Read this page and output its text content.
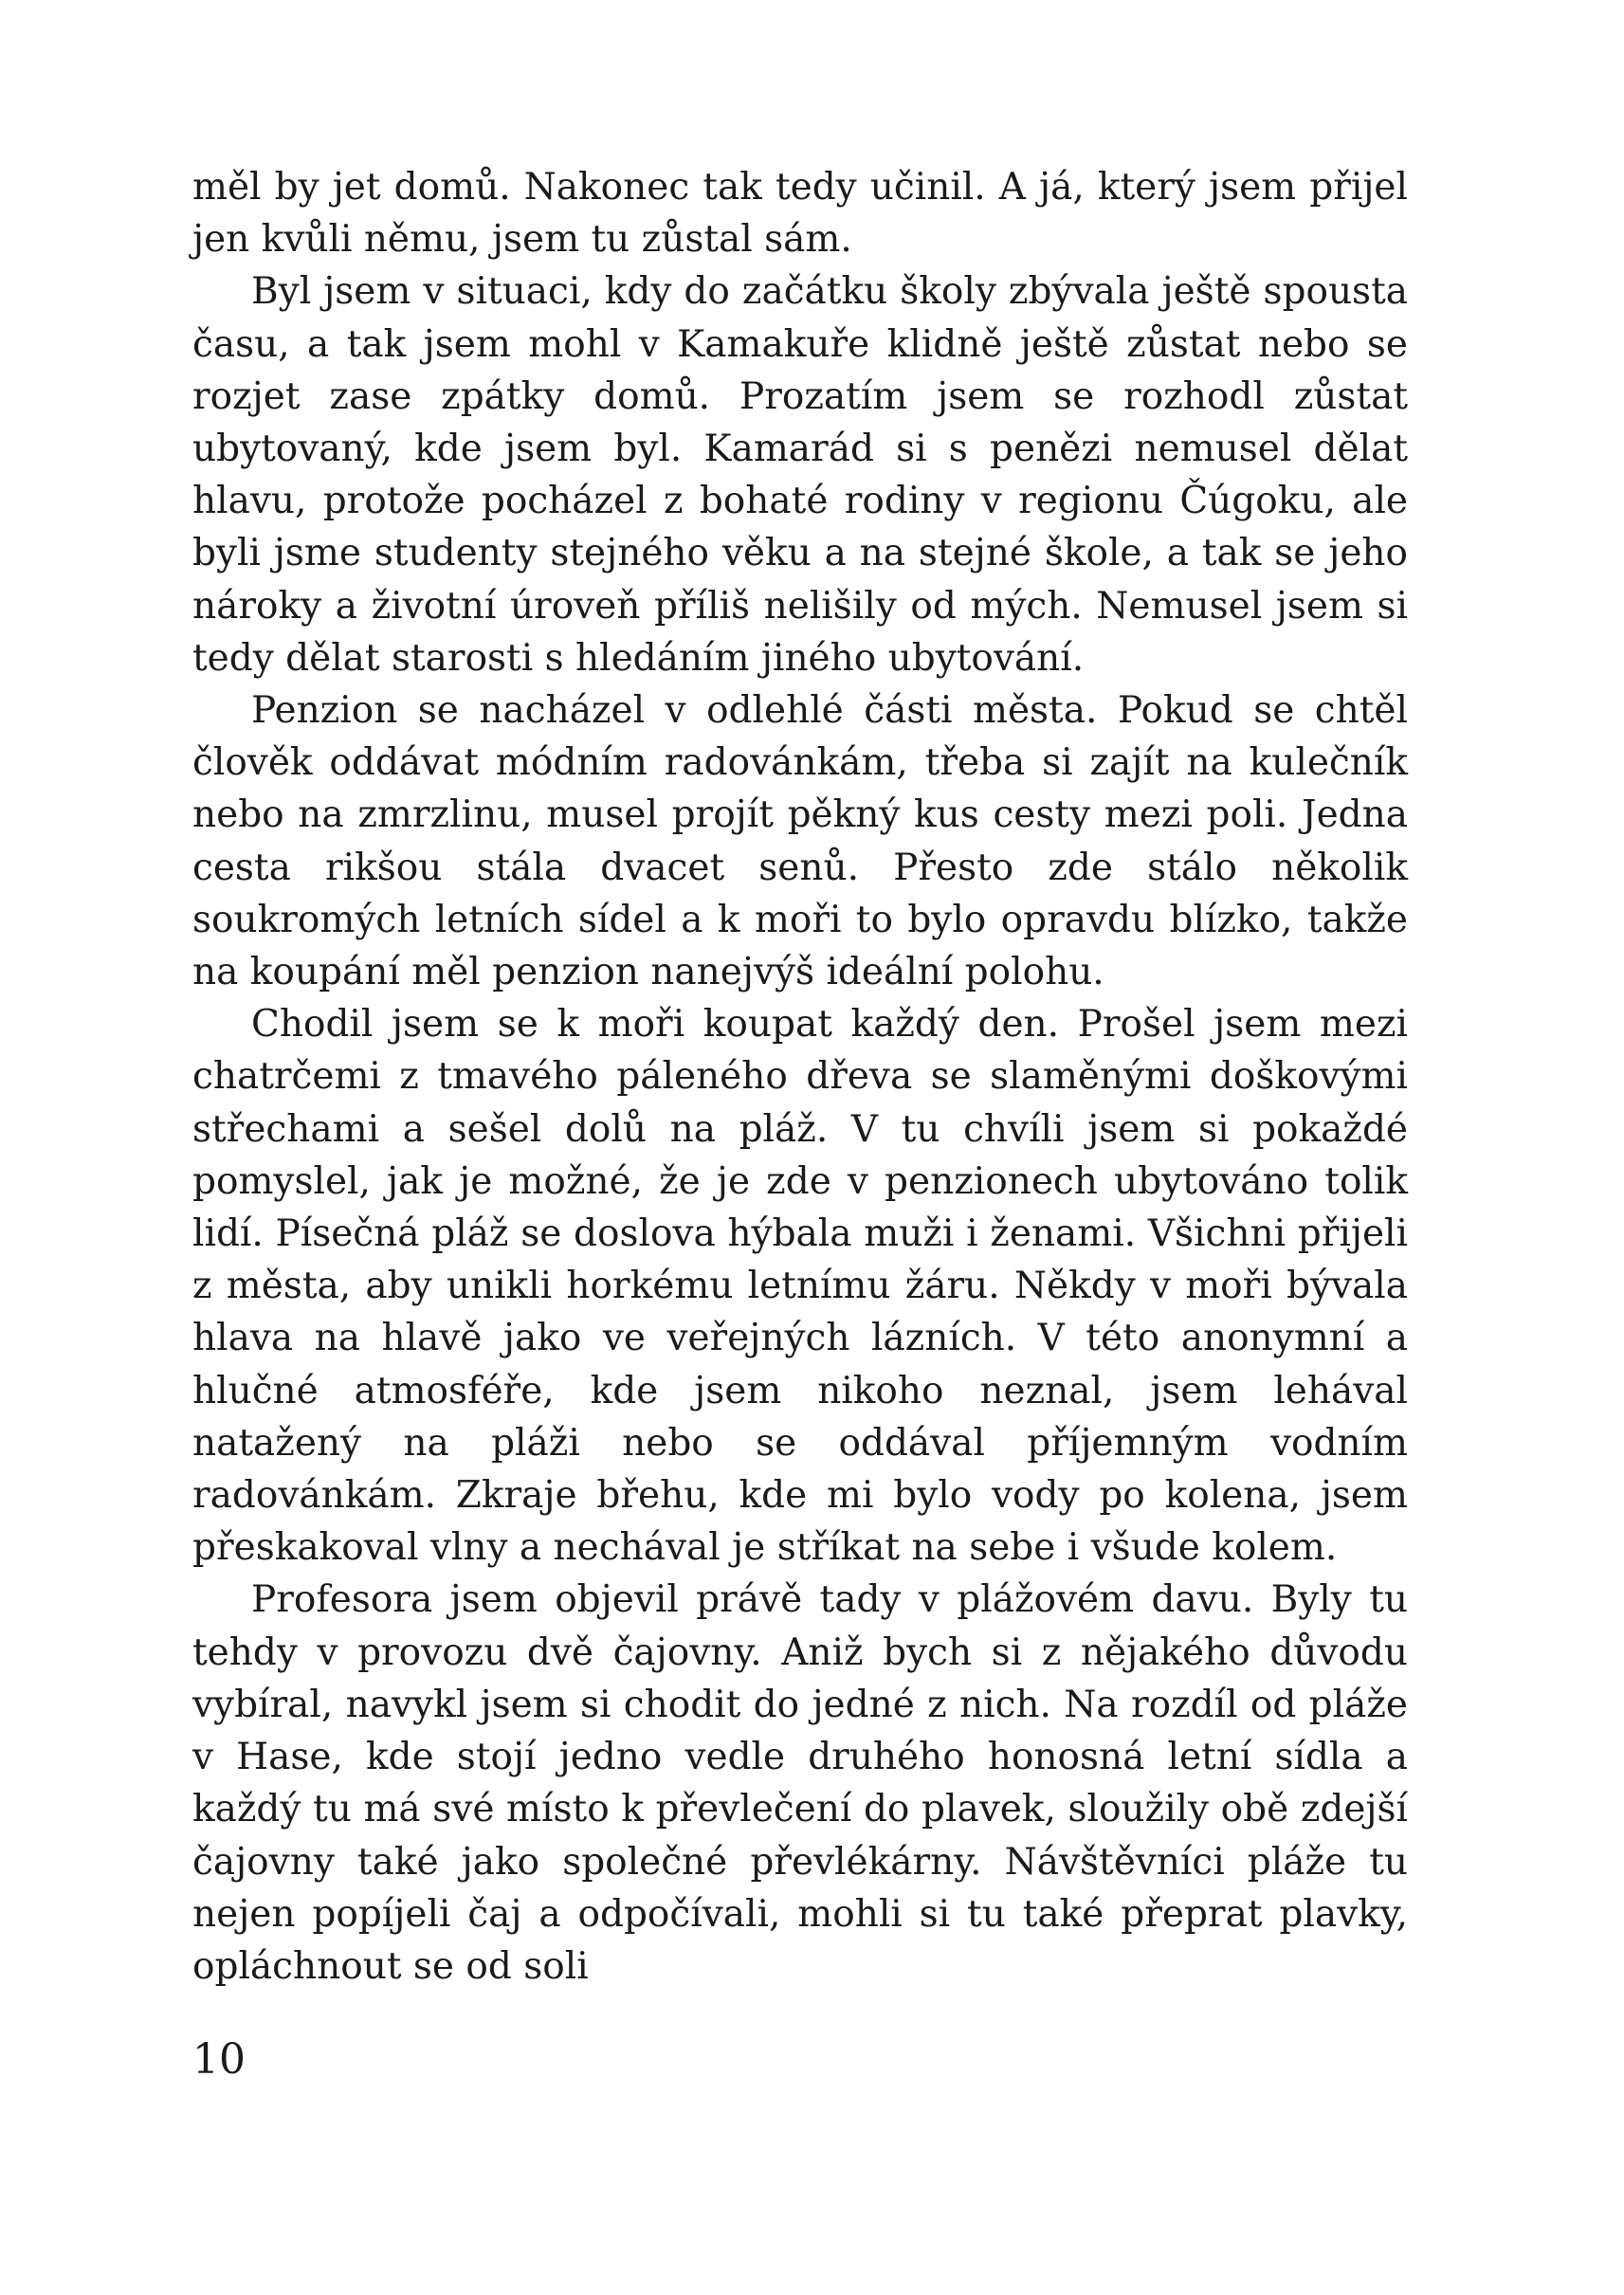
měl by jet domů. Nakonec tak tedy učinil. A já, který jsem přijel jen kvůli němu, jsem tu zůstal sám.

Byl jsem v situaci, kdy do začátku školy zbývala ještě spousta času, a tak jsem mohl v Kamakuře klidně ještě zůstat nebo se rozjet zase zpátky domů. Prozatím jsem se rozhodl zůstat ubytovaný, kde jsem byl. Kamarád si s penězi nemusel dělat hlavu, protože pocházel z bohaté rodiny v regionu Čúgoku, ale byli jsme studenty stejného věku a na stejné škole, a tak se jeho nároky a životní úroveň příliš nelišily od mých. Nemusel jsem si tedy dělat starosti s hledáním jiného ubytování.

Penzion se nacházel v odlehlé části města. Pokud se chtěl člověk oddávat módním radovánkám, třeba si zajít na kulečník nebo na zmrzlinu, musel projít pěkný kus cesty mezi poli. Jedna cesta rikšou stála dvacet senů. Přesto zde stálo několik soukromých letních sídel a k moři to bylo opravdu blízko, takže na koupání měl penzion nanejvýš ideální polohu.

Chodil jsem se k moři koupat každý den. Prošel jsem mezi chatrčemi z tmavého páleného dřeva se slaměnými doškovými střechami a sešel dolů na pláž. V tu chvíli jsem si pokaždé pomyslel, jak je možné, že je zde v penzionech ubytováno tolik lidí. Písečná pláž se doslova hýbala muži i ženami. Všichni přijeli z města, aby unikli horkému letnímu žáru. Někdy v moři bývala hlava na hlavě jako ve veřejných lázních. V této anonymní a hlučné atmosféře, kde jsem nikoho neznal, jsem lehával natažený na pláži nebo se oddával příjemným vodním radovánkám. Zkraje břehu, kde mi bylo vody po kolena, jsem přeskakoval vlny a nechával je stříkat na sebe i všude kolem.

Profesora jsem objevil právě tady v plážovém davu. Byly tu tehdy v provozu dvě čajovny. Aniž bych si z nějakého důvodu vybíral, navykl jsem si chodit do jedné z nich. Na rozdíl od pláže v Hase, kde stojí jedno vedle druhého honosná letní sídla a každý tu má své místo k převlečení do plavek, sloužily obě zdejší čajovny také jako společné převlékárny. Návštěvníci pláže tu nejen popíjeli čaj a odpočívali, mohli si tu také přeprat plavky, opláchnout se od soli

10
